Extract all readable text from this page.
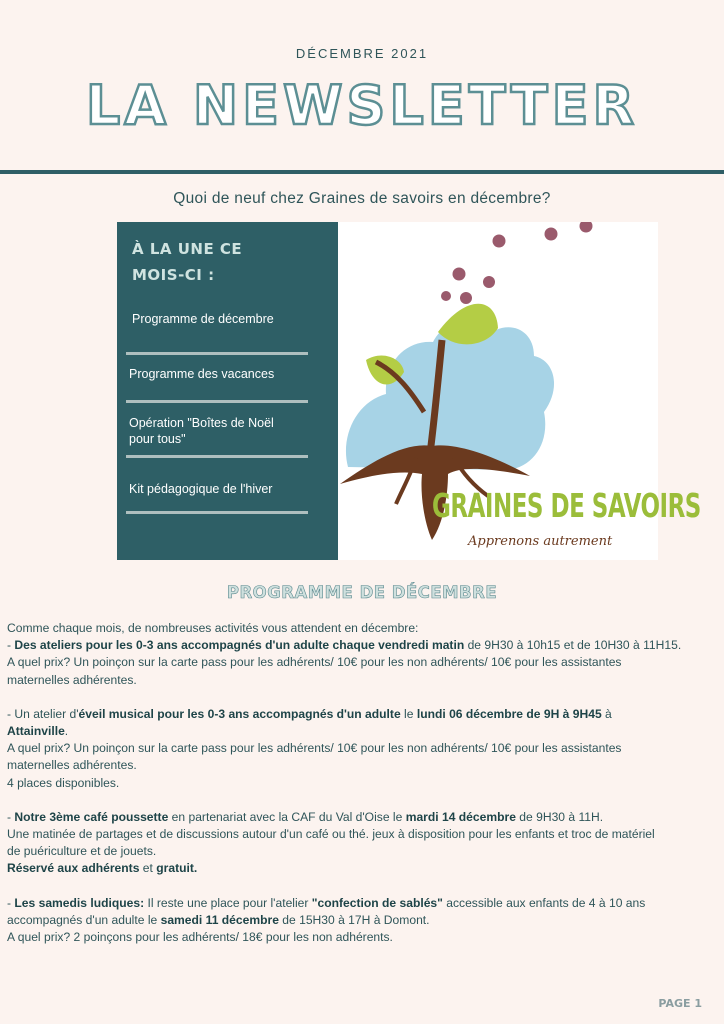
DÉCEMBRE 2021
LA NEWSLETTER
Quoi de neuf chez Graines de savoirs en décembre?
À LA UNE CE
MOIS-CI :
Programme de décembre
Programme des vacances
Opération "Boîtes de Noël
pour tous"
Kit pédagogique de l'hiver	GRAINES DE SAVOIRS
Apprenons autrement
PROGRAMME DE DÉCEMBRE

Comme chaque mois, de nombreuses activités vous attendent en décembre:

- Des ateliers pour les 0-3 ans accompagnés d'un adulte chaque vendredi matin de 9H30 à 10h15 et de 10H30 à 11H15.

A quel prix? Un poinçon sur la carte pass pour les adhérents/ 10€ pour les non adhérents/ 10€ pour les assistantes

maternelles adhérentes.

- Un atelier d'éveil musical pour les 0-3 ans accompagnés d'un adulte le lundi 06 décembre de 9H à 9H45 à

Attainville.

A quel prix? Un poinçon sur la carte pass pour les adhérents/ 10€ pour les non adhérents/ 10€ pour les assistantes

maternelles adhérentes.

4 places disponibles.

- Notre 3ème café poussette en partenariat avec la CAF du Val d'Oise le mardi 14 décembre de 9H30 à 11H.

Une matinée de partages et de discussions autour d'un café ou thé. jeux à disposition pour les enfants et troc de matériel

de puériculture et de jouets.

Réservé aux adhérents et gratuit.

- Les samedis ludiques: Il reste une place pour l'atelier "confection de sablés" accessible aux enfants de 4 à 10 ans

accompagnés d'un adulte le samedi 11 décembre de 15H30 à 17H à Domont.

A quel prix? 2 poinçons pour les adhérents/ 18€ pour les non adhérents.

PAGE 1
